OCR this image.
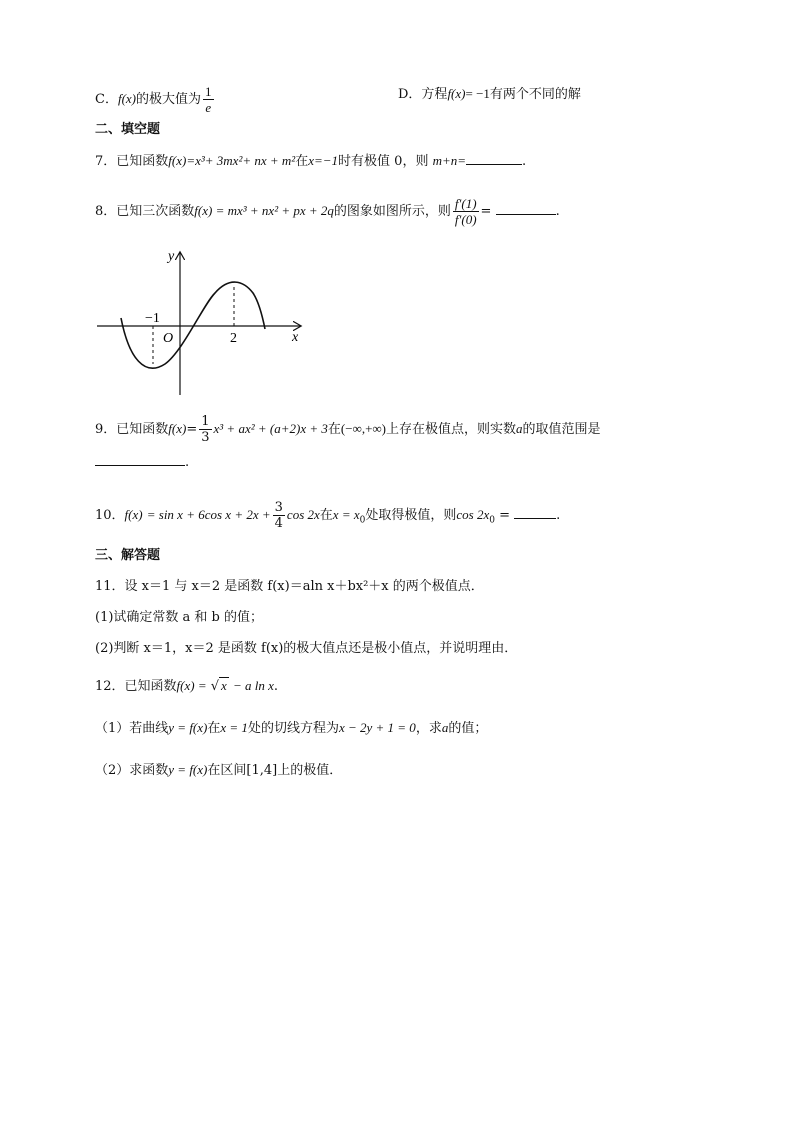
C．f(x)的极大值为 $\frac{1}{e}$	D．方程f(x)= −1有两个不同的解
二、填空题
7．已知函数f(x)=x³+ 3mx²+ nx + m²在x=−1时有极值 0，则 m+n=	.
8．已知三次函数f(x) = mx³ + nx² + px + 2q的图象如图所示，则 $\frac{f'(1)}{f'(0)}$ =	.
y
x
O
−1
2
9．已知函数$f(x)= \frac{1}{3} x^3 + ax^2 + (a+2)x + 3$在(−∞,+∞)上存在极值点，则实数a的取值范围是
.
10．f(x) = sin x + 6cos $x + 2x + \frac{3}{4}$ cos 2x在$x = x_0$处取得极值，则$\cos 2x_0$ =	.
三、解答题
11．设 x＝1 与 x＝2 是函数 f(x)＝aln x＋bx²＋x 的两个极值点．
(1)试确定常数 a 和 b 的值；
(2)判断 x＝1，x＝2 是函数 f(x)的极大值点还是极小值点，并说明理由．
12．已知函数f(x) = √ x − a ln x.
（1）若曲线y = f(x)在x = 1处的切线方程为x − 2y + 1 = 0，求a的值；
（2）求函数y = f(x)在区间[1,4]上的极值．
